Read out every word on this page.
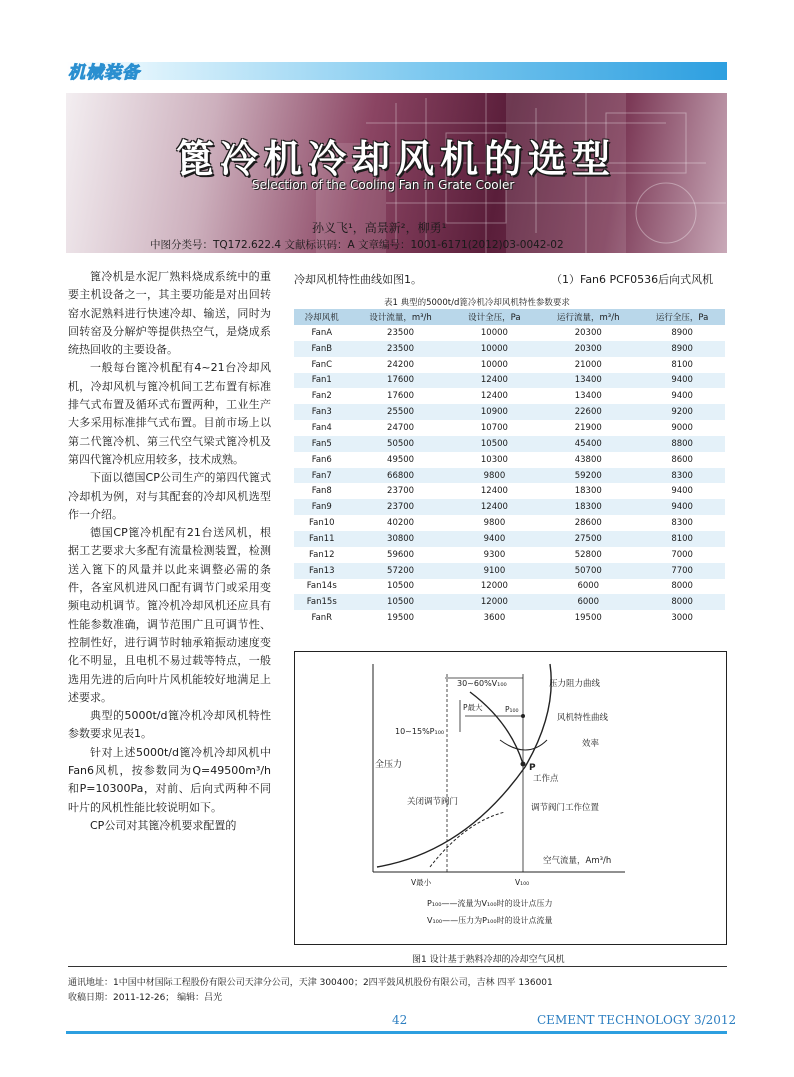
机械装备
篦冷机冷却风机的选型
Selection of the Cooling Fan in Grate Cooler
孙义飞¹，高景新²，柳勇¹
中图分类号：TQ172.622.4 文献标识码：A 文章编号：1001-6171(2012)03-0042-02

篦冷机是水泥厂熟料烧成系统中的重要主机设备之一，其主要功能是对出回转窑水泥熟料进行快速冷却、输送，同时为回转窑及分解炉等提供热空气，是烧成系统热回收的主要设备。

一般每台篦冷机配有4~21台冷却风机，冷却风机与篦冷机间工艺布置有标准排气式布置及循环式布置两种，工业生产大多采用标准排气式布置。目前市场上以第二代篦冷机、第三代空气梁式篦冷机及第四代篦冷机应用较多，技术成熟。

下面以德国CP公司生产的第四代篦式冷却机为例，对与其配套的冷却风机选型作一介绍。

德国CP篦冷机配有21台送风机，根据工艺要求大多配有流量检测装置，检测送入篦下的风量并以此来调整必需的条件，各室风机进风口配有调节门或采用变频电动机调节。篦冷机冷却风机还应具有性能参数准确，调节范围广且可调节性、控制性好，进行调节时轴承箱振动速度变化不明显，且电机不易过载等特点，一般选用先进的后向叶片风机能较好地满足上述要求。

典型的5000t/d篦冷机冷却风机特性参数要求见表1。

针对上述5000t/d篦冷机冷却风机中Fan6风机，按参数同为Q=49500m³/h和P=10300Pa，对前、后向式两种不同叶片的风机性能比较说明如下。

CP公司对其篦冷机要求配置的

冷却风机特性曲线如图1。	（1）Fan6 PCF0536后向式风机
表1 典型的5000t/d篦冷机冷却风机特性参数要求
冷却风机	设计流量，m³/h	设计全压，Pa	运行流量，m³/h	运行全压，Pa
FanA	23500	10000	20300	8900
FanB	23500	10000	20300	8900
FanC	24200	10000	21000	8100
Fan1	17600	12400	13400	9400
Fan2	17600	12400	13400	9400
Fan3	25500	10900	22600	9200
Fan4	24700	10700	21900	9000
Fan5	50500	10500	45400	8800
Fan6	49500	10300	43800	8600
Fan7	66800	9800	59200	8300
Fan8	23700	12400	18300	9400
Fan9	23700	12400	18300	9400
Fan10	40200	9800	28600	8300
Fan11	30800	9400	27500	8100
Fan12	59600	9300	52800	7000
Fan13	57200	9100	50700	7700
Fan14s	10500	12000	6000	8000
Fan15s	10500	12000	6000	8000
FanR	19500	3600	19500	3000
30~60%V₁₀₀
P最大	P₁₀₀
10~15%P₁₀₀
压力阻力曲线
风机特性曲线
效率
全压力	P
工作点
关闭调节阀门
调节阀门工作位置
空气流量，Am³/h
V最小	V₁₀₀
P₁₀₀——流量为V₁₀₀时的设计点压力
V₁₀₀——压力为P₁₀₀时的设计点流量
图1 设计基于熟料冷却的冷却空气风机
通讯地址：1中国中材国际工程股份有限公司天津分公司，天津 300400；2四平鼓风机股份有限公司，吉林 四平 136001
收稿日期：2011-12-26； 编辑：吕光
42	CEMENT TECHNOLOGY 3/2012
